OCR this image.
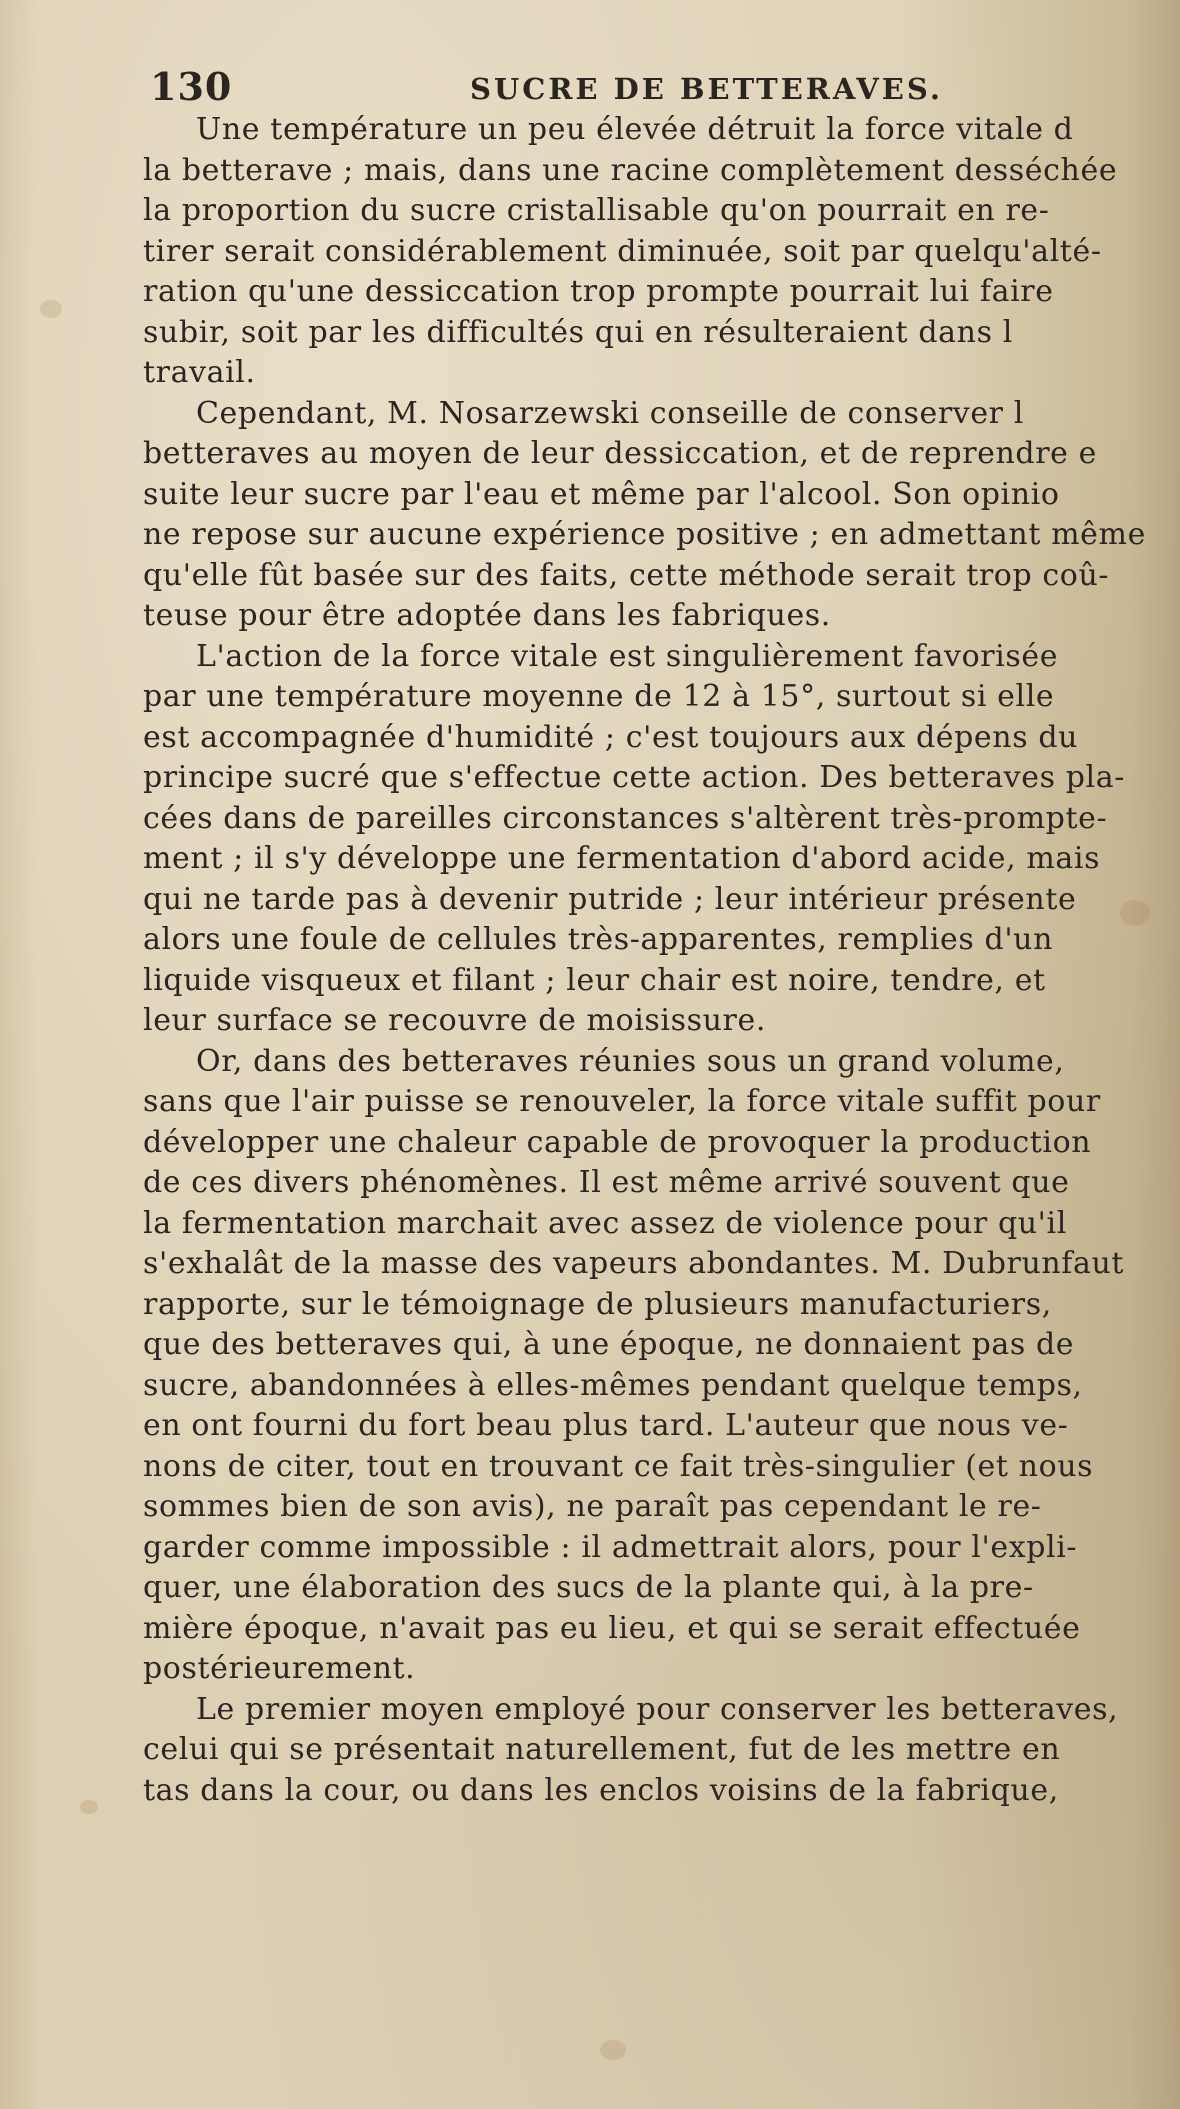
130	SUCRE DE BETTERAVES.
Une température un peu élevée détruit la force vitale d
la betterave ; mais, dans une racine complètement desséchée
la proportion du sucre cristallisable qu'on pourrait en re-
tirer serait considérablement diminuée, soit par quelqu'alté-
ration qu'une dessiccation trop prompte pourrait lui faire
subir, soit par les difficultés qui en résulteraient dans l
travail.
Cependant, M. Nosarzewski conseille de conserver l
betteraves au moyen de leur dessiccation, et de reprendre e
suite leur sucre par l'eau et même par l'alcool. Son opinio
ne repose sur aucune expérience positive ; en admettant même
qu'elle fût basée sur des faits, cette méthode serait trop coû-
teuse pour être adoptée dans les fabriques.
L'action de la force vitale est singulièrement favorisée
par une température moyenne de 12 à 15°, surtout si elle
est accompagnée d'humidité ; c'est toujours aux dépens du
principe sucré que s'effectue cette action. Des betteraves pla-
cées dans de pareilles circonstances s'altèrent très-prompte-
ment ; il s'y développe une fermentation d'abord acide, mais
qui ne tarde pas à devenir putride ; leur intérieur présente
alors une foule de cellules très-apparentes, remplies d'un
liquide visqueux et filant ; leur chair est noire, tendre, et
leur surface se recouvre de moisissure.
Or, dans des betteraves réunies sous un grand volume,
sans que l'air puisse se renouveler, la force vitale suffit pour
développer une chaleur capable de provoquer la production
de ces divers phénomènes. Il est même arrivé souvent que
la fermentation marchait avec assez de violence pour qu'il
s'exhalât de la masse des vapeurs abondantes. M. Dubrunfaut
rapporte, sur le témoignage de plusieurs manufacturiers,
que des betteraves qui, à une époque, ne donnaient pas de
sucre, abandonnées à elles-mêmes pendant quelque temps,
en ont fourni du fort beau plus tard. L'auteur que nous ve-
nons de citer, tout en trouvant ce fait très-singulier (et nous
sommes bien de son avis), ne paraît pas cependant le re-
garder comme impossible : il admettrait alors, pour l'expli-
quer, une élaboration des sucs de la plante qui, à la pre-
mière époque, n'avait pas eu lieu, et qui se serait effectuée
postérieurement.
Le premier moyen employé pour conserver les betteraves,
celui qui se présentait naturellement, fut de les mettre en
tas dans la cour, ou dans les enclos voisins de la fabrique,
